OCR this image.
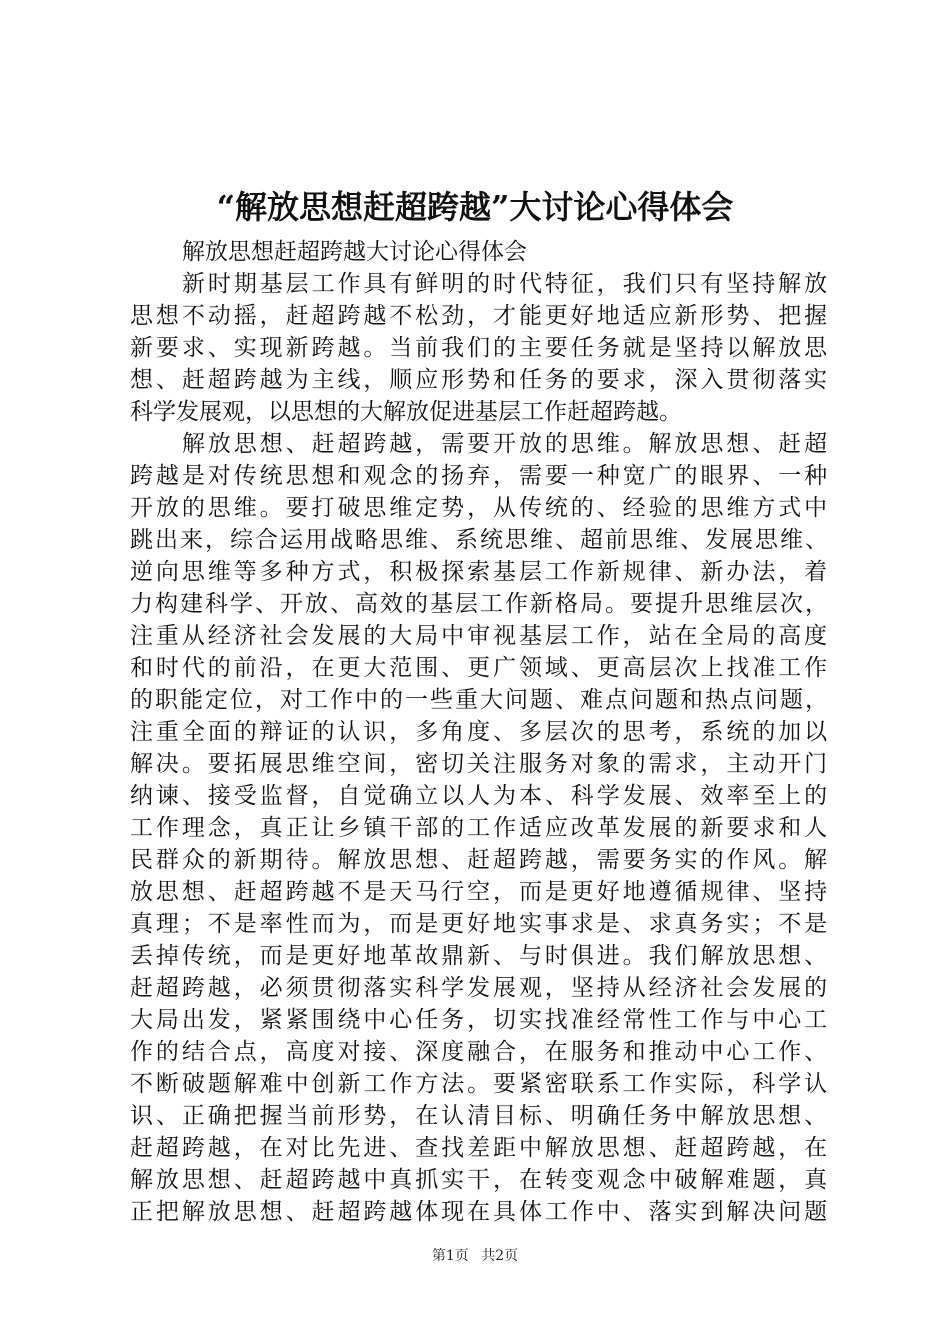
“解放思想赶超跨越”大讨论心得体会
解放思想赶超跨越大讨论心得体会
新时期基层工作具有鲜明的时代特征，我们只有坚持解放
思想不动摇，赶超跨越不松劲，才能更好地适应新形势、把握
新要求、实现新跨越。当前我们的主要任务就是坚持以解放思
想、赶超跨越为主线，顺应形势和任务的要求，深入贯彻落实
科学发展观，以思想的大解放促进基层工作赶超跨越。
解放思想、赶超跨越，需要开放的思维。解放思想、赶超
跨越是对传统思想和观念的扬弃，需要一种宽广的眼界、一种
开放的思维。要打破思维定势，从传统的、经验的思维方式中
跳出来，综合运用战略思维、系统思维、超前思维、发展思维、
逆向思维等多种方式，积极探索基层工作新规律、新办法，着
力构建科学、开放、高效的基层工作新格局。要提升思维层次，
注重从经济社会发展的大局中审视基层工作，站在全局的高度
和时代的前沿，在更大范围、更广领域、更高层次上找准工作
的职能定位，对工作中的一些重大问题、难点问题和热点问题，
注重全面的辩证的认识，多角度、多层次的思考，系统的加以
解决。要拓展思维空间，密切关注服务对象的需求，主动开门
纳谏、接受监督，自觉确立以人为本、科学发展、效率至上的
工作理念，真正让乡镇干部的工作适应改革发展的新要求和人
民群众的新期待。解放思想、赶超跨越，需要务实的作风。解
放思想、赶超跨越不是天马行空，而是更好地遵循规律、坚持
真理；不是率性而为，而是更好地实事求是、求真务实；不是
丢掉传统，而是更好地革故鼎新、与时俱进。我们解放思想、
赶超跨越，必须贯彻落实科学发展观，坚持从经济社会发展的
大局出发，紧紧围绕中心任务，切实找准经常性工作与中心工
作的结合点，高度对接、深度融合，在服务和推动中心工作、
不断破题解难中创新工作方法。要紧密联系工作实际，科学认
识、正确把握当前形势，在认清目标、明确任务中解放思想、
赶超跨越，在对比先进、查找差距中解放思想、赶超跨越，在
解放思想、赶超跨越中真抓实干，在转变观念中破解难题，真
正把解放思想、赶超跨越体现在具体工作中、落实到解决问题
第1页 共2页
